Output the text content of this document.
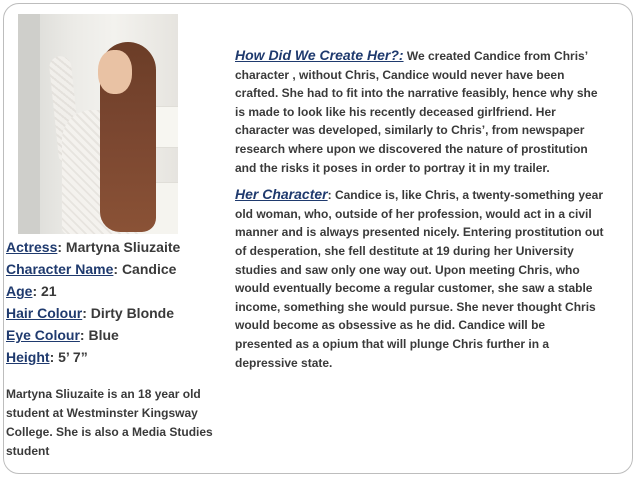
Actress: Martyna Sliuzaite
Character Name: Candice
Age: 21
Hair Colour: Dirty Blonde
Eye Colour: Blue
Height: 5’ 7”
Martyna Sliuzaite is an 18 year old student at Westminster Kingsway College. She is also a Media Studies student

How Did We Create Her?: We created Candice from Chris’ character , without Chris, Candice would never have been crafted. She had to fit into the narrative feasibly, hence why she is made to look like his recently deceased girlfriend. Her character was developed, similarly to Chris’, from newspaper research where upon we discovered the nature of prostitution and the risks it poses in order to portray it in my trailer.

Her Character: Candice is, like Chris, a twenty-something year old woman, who, outside of her profession, would act in a civil manner and is always presented nicely. Entering prostitution out of desperation, she fell destitute at 19 during her University studies and saw only one way out. Upon meeting Chris, who would eventually become a regular customer, she saw a stable income, something she would pursue. She never thought Chris would become as obsessive as he did. Candice will be presented as a opium that will plunge Chris further in a depressive state.
